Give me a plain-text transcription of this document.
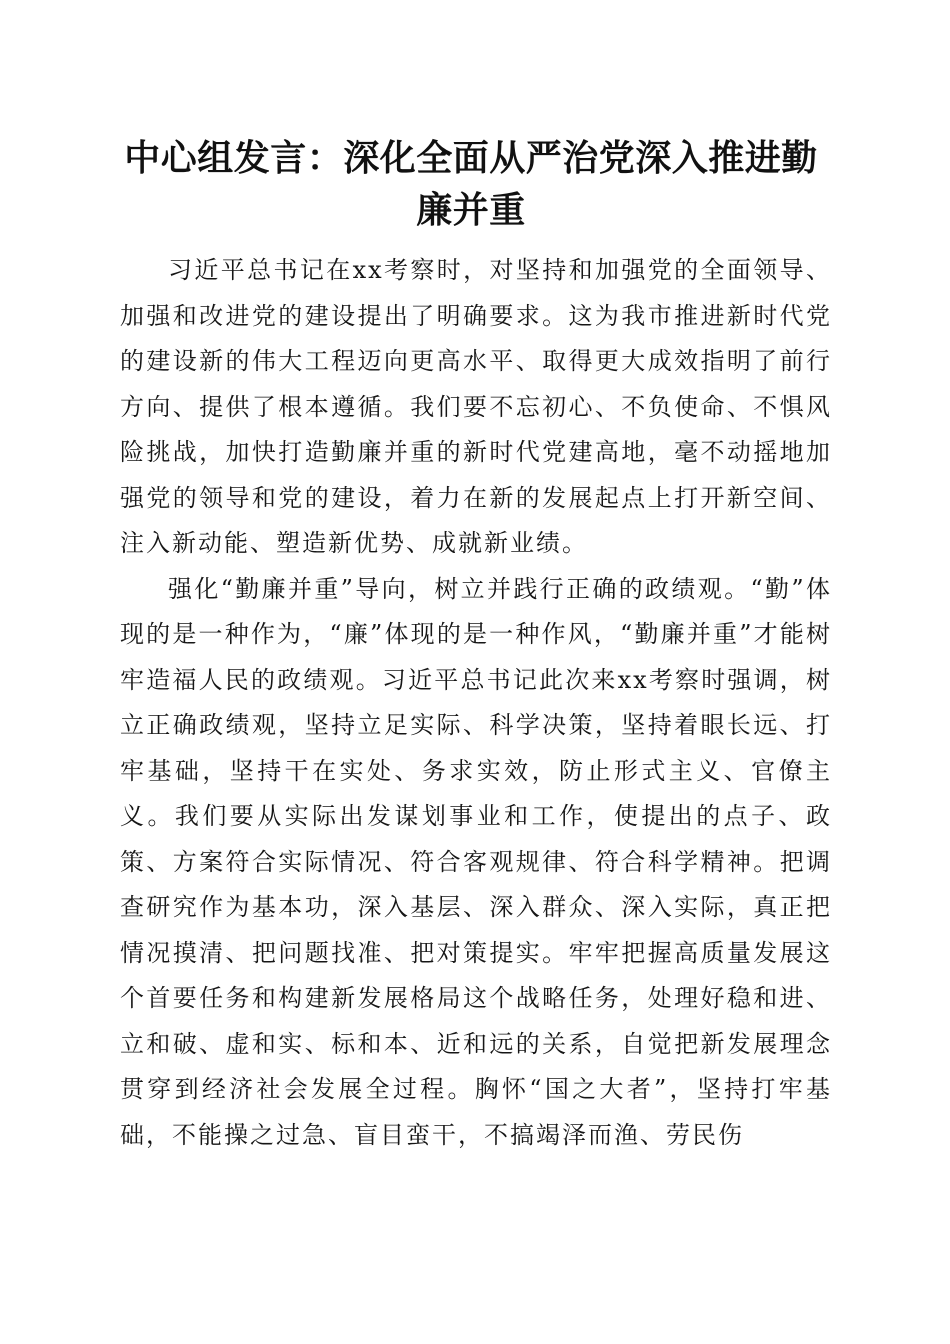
中心组发言：深化全面从严治党深入推进勤廉并重

习近平总书记在xx考察时，对坚持和加强党的全面领导、加强和改进党的建设提出了明确要求。这为我市推进新时代党的建设新的伟大工程迈向更高水平、取得更大成效指明了前行方向、提供了根本遵循。我们要不忘初心、不负使命、不惧风险挑战，加快打造勤廉并重的新时代党建高地，毫不动摇地加强党的领导和党的建设，着力在新的发展起点上打开新空间、注入新动能、塑造新优势、成就新业绩。

强化“勤廉并重”导向，树立并践行正确的政绩观。“勤”体现的是一种作为，“廉”体现的是一种作风，“勤廉并重”才能树牢造福人民的政绩观。习近平总书记此次来xx考察时强调，树立正确政绩观，坚持立足实际、科学决策，坚持着眼长远、打牢基础，坚持干在实处、务求实效，防止形式主义、官僚主义。我们要从实际出发谋划事业和工作，使提出的点子、政策、方案符合实际情况、符合客观规律、符合科学精神。把调查研究作为基本功，深入基层、深入群众、深入实际，真正把情况摸清、把问题找准、把对策提实。牢牢把握高质量发展这个首要任务和构建新发展格局这个战略任务，处理好稳和进、立和破、虚和实、标和本、近和远的关系，自觉把新发展理念贯穿到经济社会发展全过程。胸怀“国之大者”，坚持打牢基础，不能操之过急、盲目蛮干，不搞竭泽而渔、劳民伤
